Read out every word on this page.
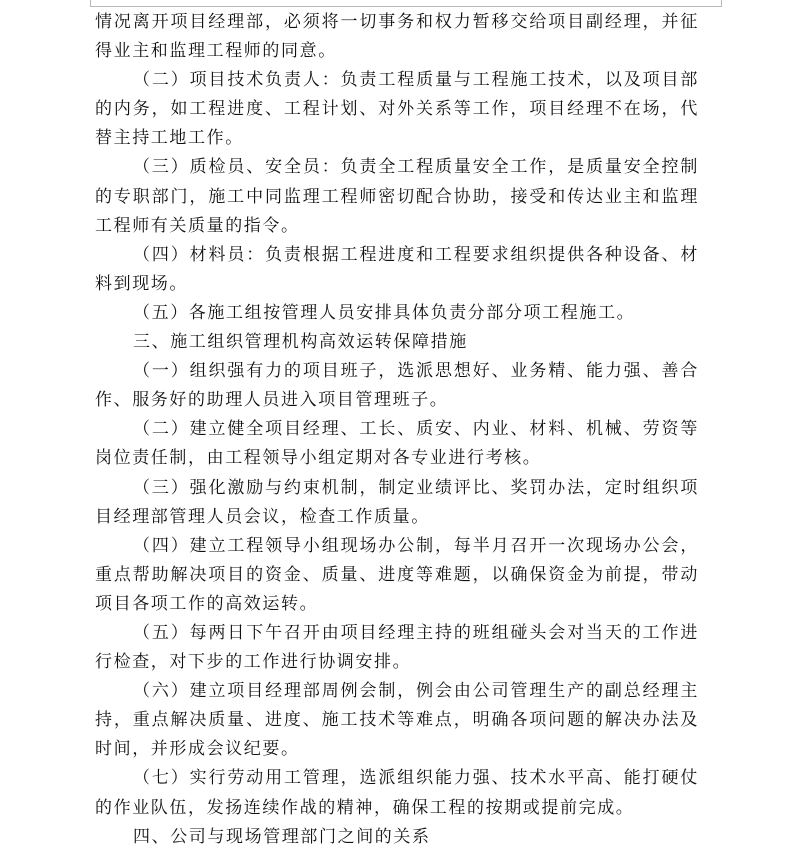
情况离开项目经理部，必须将一切事务和权力暂移交给项目副经理，并征
得业主和监理工程师的同意。
（二）项目技术负责人：负责工程质量与工程施工技术，以及项目部
的内务，如工程进度、工程计划、对外关系等工作，项目经理不在场，代
替主持工地工作。
（三）质检员、安全员：负责全工程质量安全工作，是质量安全控制
的专职部门，施工中同监理工程师密切配合协助，接受和传达业主和监理
工程师有关质量的指令。
（四）材料员：负责根据工程进度和工程要求组织提供各种设备、材
料到现场。
（五）各施工组按管理人员安排具体负责分部分项工程施工。
三、施工组织管理机构高效运转保障措施
（一）组织强有力的项目班子，选派思想好、业务精、能力强、善合
作、服务好的助理人员进入项目管理班子。
（二）建立健全项目经理、工长、质安、内业、材料、机械、劳资等
岗位责任制，由工程领导小组定期对各专业进行考核。
（三）强化激励与约束机制，制定业绩评比、奖罚办法，定时组织项
目经理部管理人员会议，检查工作质量。
（四）建立工程领导小组现场办公制，每半月召开一次现场办公会，
重点帮助解决项目的资金、质量、进度等难题，以确保资金为前提，带动
项目各项工作的高效运转。
（五）每两日下午召开由项目经理主持的班组碰头会对当天的工作进
行检查，对下步的工作进行协调安排。
（六）建立项目经理部周例会制，例会由公司管理生产的副总经理主
持，重点解决质量、进度、施工技术等难点，明确各项问题的解决办法及
时间，并形成会议纪要。
（七）实行劳动用工管理，选派组织能力强、技术水平高、能打硬仗
的作业队伍，发扬连续作战的精神，确保工程的按期或提前完成。
四、公司与现场管理部门之间的关系
